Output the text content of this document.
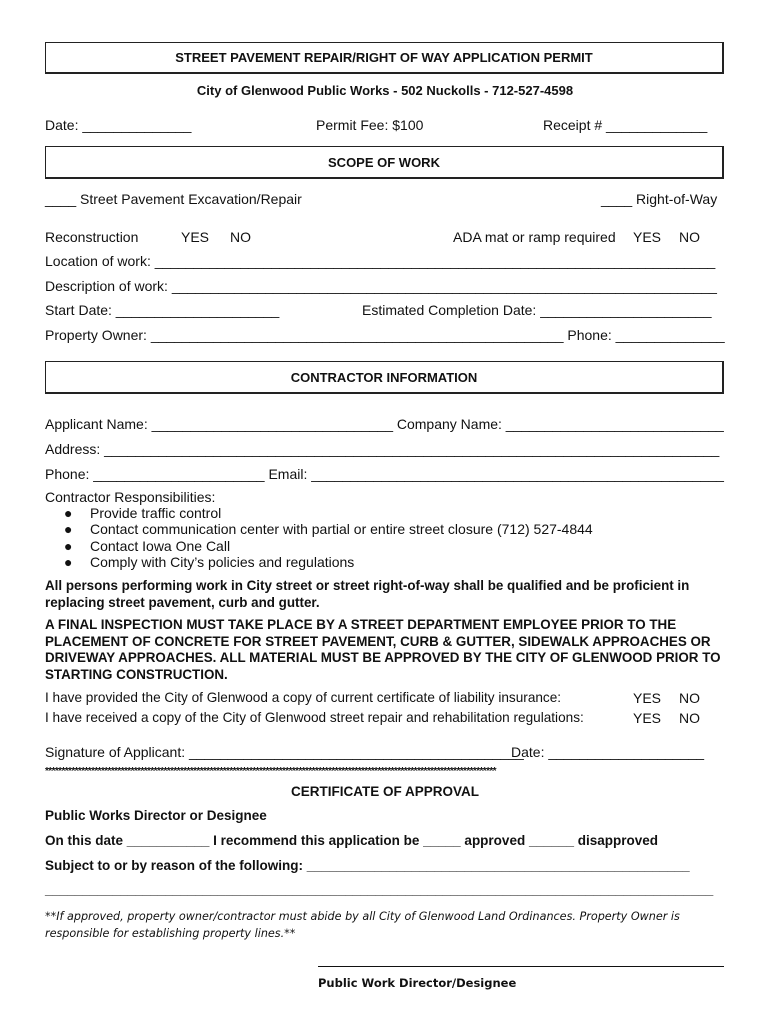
STREET PAVEMENT REPAIR/RIGHT OF WAY APPLICATION PERMIT
City of Glenwood Public Works - 502 Nuckolls - 712-527-4598
Date: ______________	Permit Fee: $100	Receipt # _____________
SCOPE OF WORK
____ Street Pavement Excavation/Repair	____ Right-of-Way
Reconstruction	YES NO	ADA mat or ramp required YES NO
Location of work: ________________________________________________________________________
Description of work: ______________________________________________________________________
Start Date: _____________________	Estimated Completion Date: ______________________
Property Owner: _____________________________________________________ Phone: ______________
CONTRACTOR INFORMATION
Applicant Name: _______________________________ Company Name: ____________________________
Address: _______________________________________________________________________________
Phone: ______________________ Email: _____________________________________________________
Contractor Responsibilities:
● Provide traffic control
● Contact communication center with partial or entire street closure (712) 527-4844
● Contact Iowa One Call
● Comply with City’s policies and regulations
All persons performing work in City street or street right-of-way shall be qualified and be proficient in replacing street pavement, curb and gutter.
A FINAL INSPECTION MUST TAKE PLACE BY A STREET DEPARTMENT EMPLOYEE PRIOR TO THE PLACEMENT OF CONCRETE FOR STREET PAVEMENT, CURB & GUTTER, SIDEWALK APPROACHES OR DRIVEWAY APPROACHES. ALL MATERIAL MUST BE APPROVED BY THE CITY OF GLENWOOD PRIOR TO STARTING CONSTRUCTION.
I have provided the City of Glenwood a copy of current certificate of liability insurance:	YES NO
I have received a copy of the City of Glenwood street repair and rehabilitation regulations:	YES NO
Signature of Applicant: ___________________________________________
Date: ____________________
*****************************************************************************************************************************************
CERTIFICATE OF APPROVAL
Public Works Director or Designee
On this date ___________ I recommend this application be _____ approved ______ disapproved
Subject to or by reason of the following: ___________________________________________________
_________________________________________________________________________________________
**If approved, property owner/contractor must abide by all City of Glenwood Land Ordinances. Property Owner is responsible for establishing property lines.**
Public Work Director/Designee
